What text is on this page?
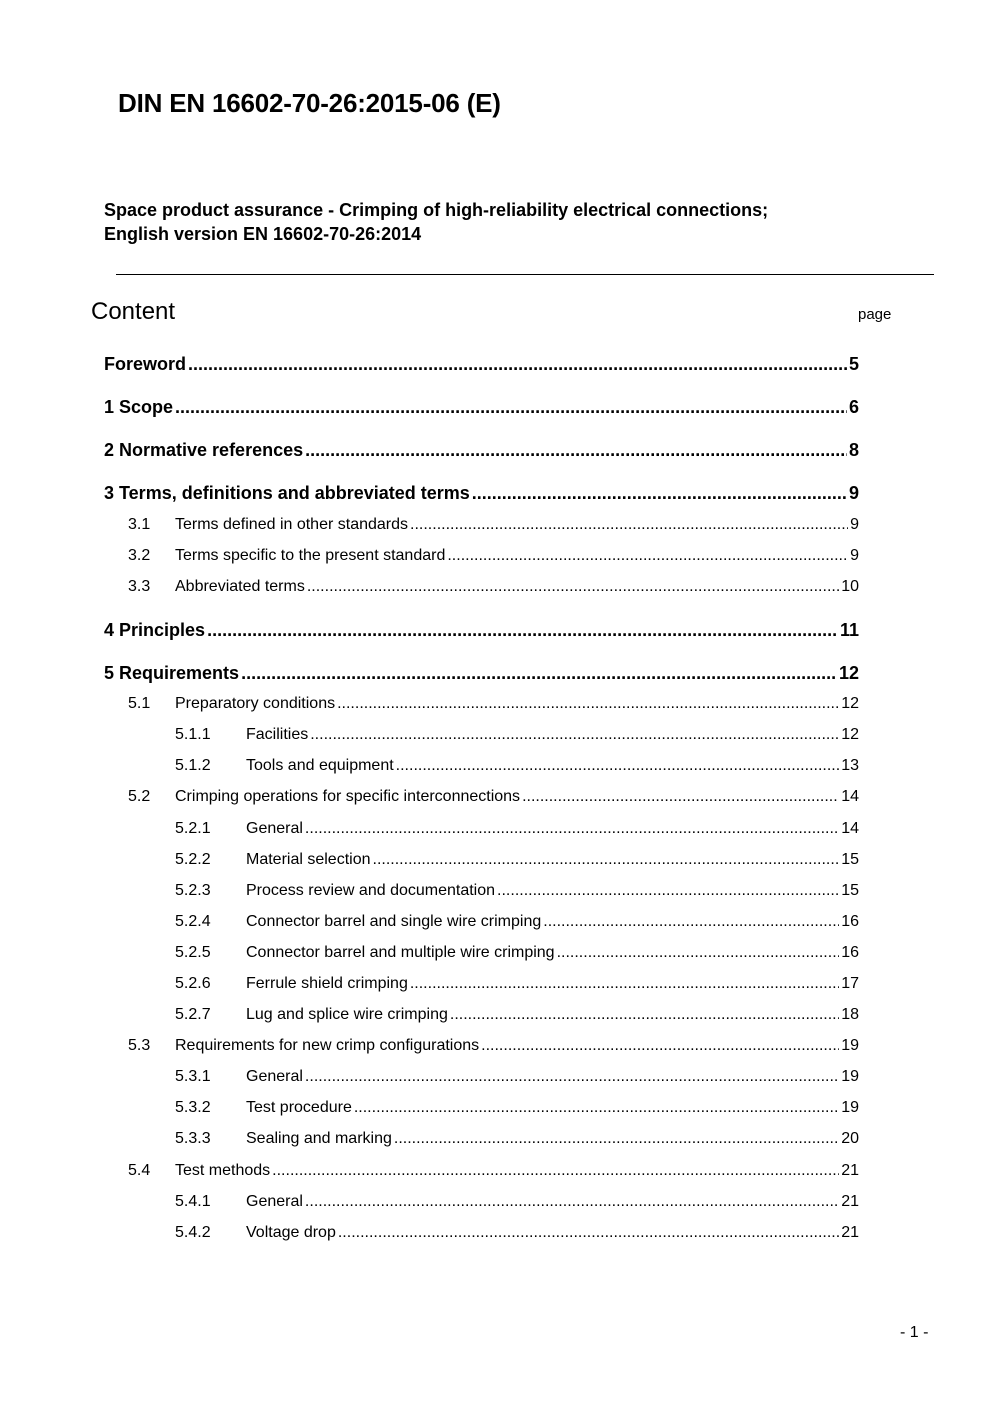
DIN EN 16602-70-26:2015-06 (E)
Space product assurance - Crimping of high-reliability electrical connections;
English version EN 16602-70-26:2014
Content	page
Foreword .....	5
1 Scope .....	6
2 Normative references .....	8
3 Terms, definitions and abbreviated terms .....	9
3.1	Terms defined in other standards .....	9
3.2	Terms specific to the present standard .....	9
3.3	Abbreviated terms .....	10
4 Principles .....	11
5 Requirements .....	12
5.1	Preparatory conditions .....	12
5.1.1	Facilities .....	12
5.1.2	Tools and equipment .....	13
5.2	Crimping operations for specific interconnections .....	14
5.2.1	General .....	14
5.2.2	Material selection .....	15
5.2.3	Process review and documentation .....	15
5.2.4	Connector barrel and single wire crimping .....	16
5.2.5	Connector barrel and multiple wire crimping .....	16
5.2.6	Ferrule shield crimping .....	17
5.2.7	Lug and splice wire crimping .....	18
5.3	Requirements for new crimp configurations .....	19
5.3.1	General .....	19
5.3.2	Test procedure .....	19
5.3.3	Sealing and marking .....	20
5.4	Test methods .....	21
5.4.1	General .....	21
5.4.2	Voltage drop .....	21
- 1 -
